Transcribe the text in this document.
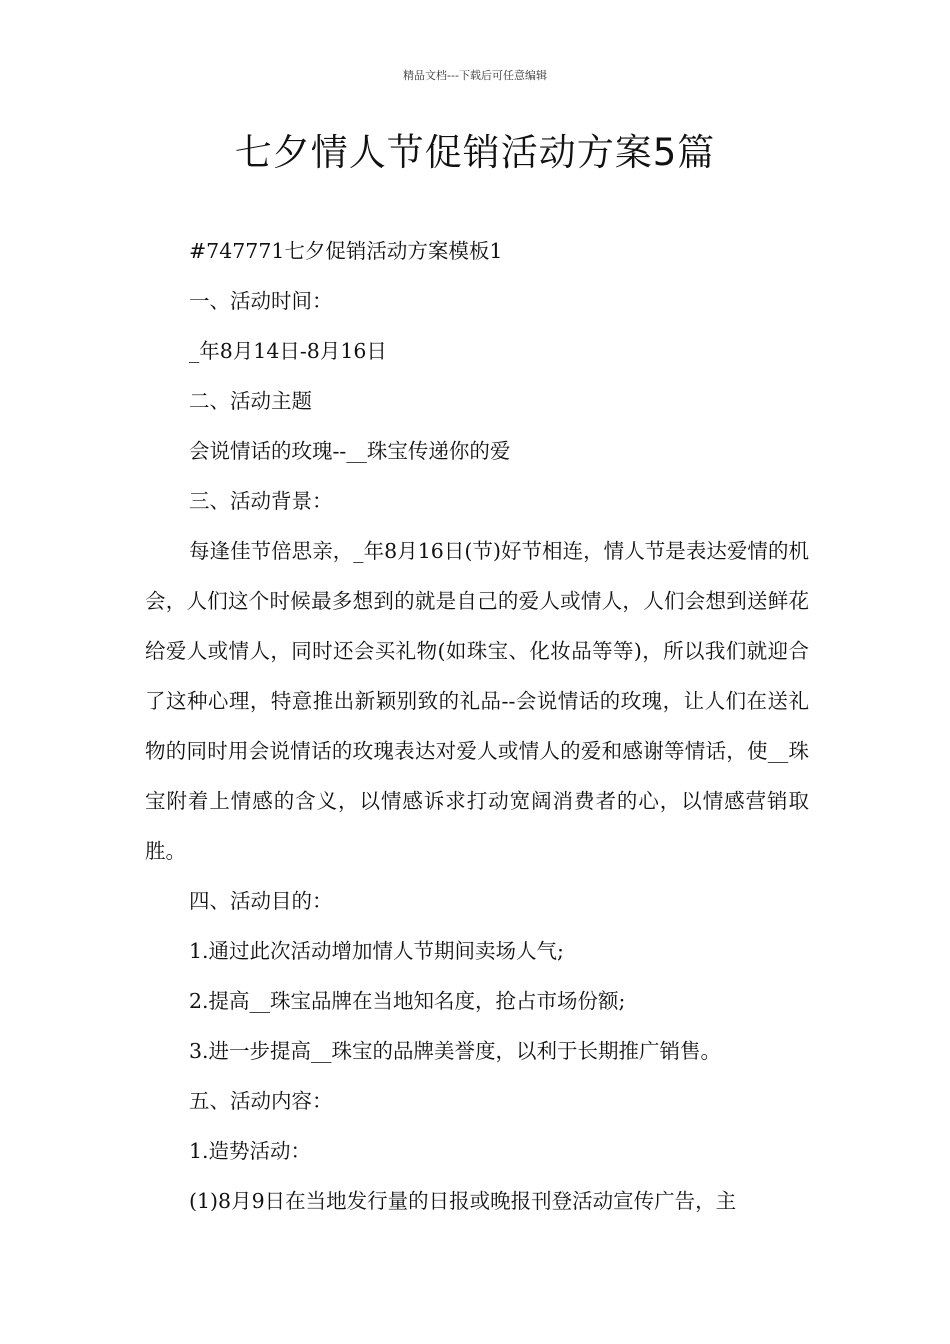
精品文档---下载后可任意编辑
七夕情人节促销活动方案5篇

#747771七夕促销活动方案模板1

一、活动时间：

_年8月14日-8月16日

二、活动主题

会说情话的玫瑰--__珠宝传递你的爱

三、活动背景：

每逢佳节倍思亲，_年8月16日(节)好节相连，情人节是表达爱情的机会，人们这个时候最多想到的就是自己的爱人或情人，人们会想到送鲜花给爱人或情人，同时还会买礼物(如珠宝、化妆品等等)，所以我们就迎合了这种心理，特意推出新颖别致的礼品--会说情话的玫瑰，让人们在送礼物的同时用会说情话的玫瑰表达对爱人或情人的爱和感谢等情话，使__珠宝附着上情感的含义，以情感诉求打动宽阔消费者的心，以情感营销取胜。

四、活动目的：

1.通过此次活动增加情人节期间卖场人气;

2.提高__珠宝品牌在当地知名度，抢占市场份额;

3.进一步提高__珠宝的品牌美誉度，以利于长期推广销售。

五、活动内容：

1.造势活动：

(1)8月9日在当地发行量的日报或晚报刊登活动宣传广告，主
